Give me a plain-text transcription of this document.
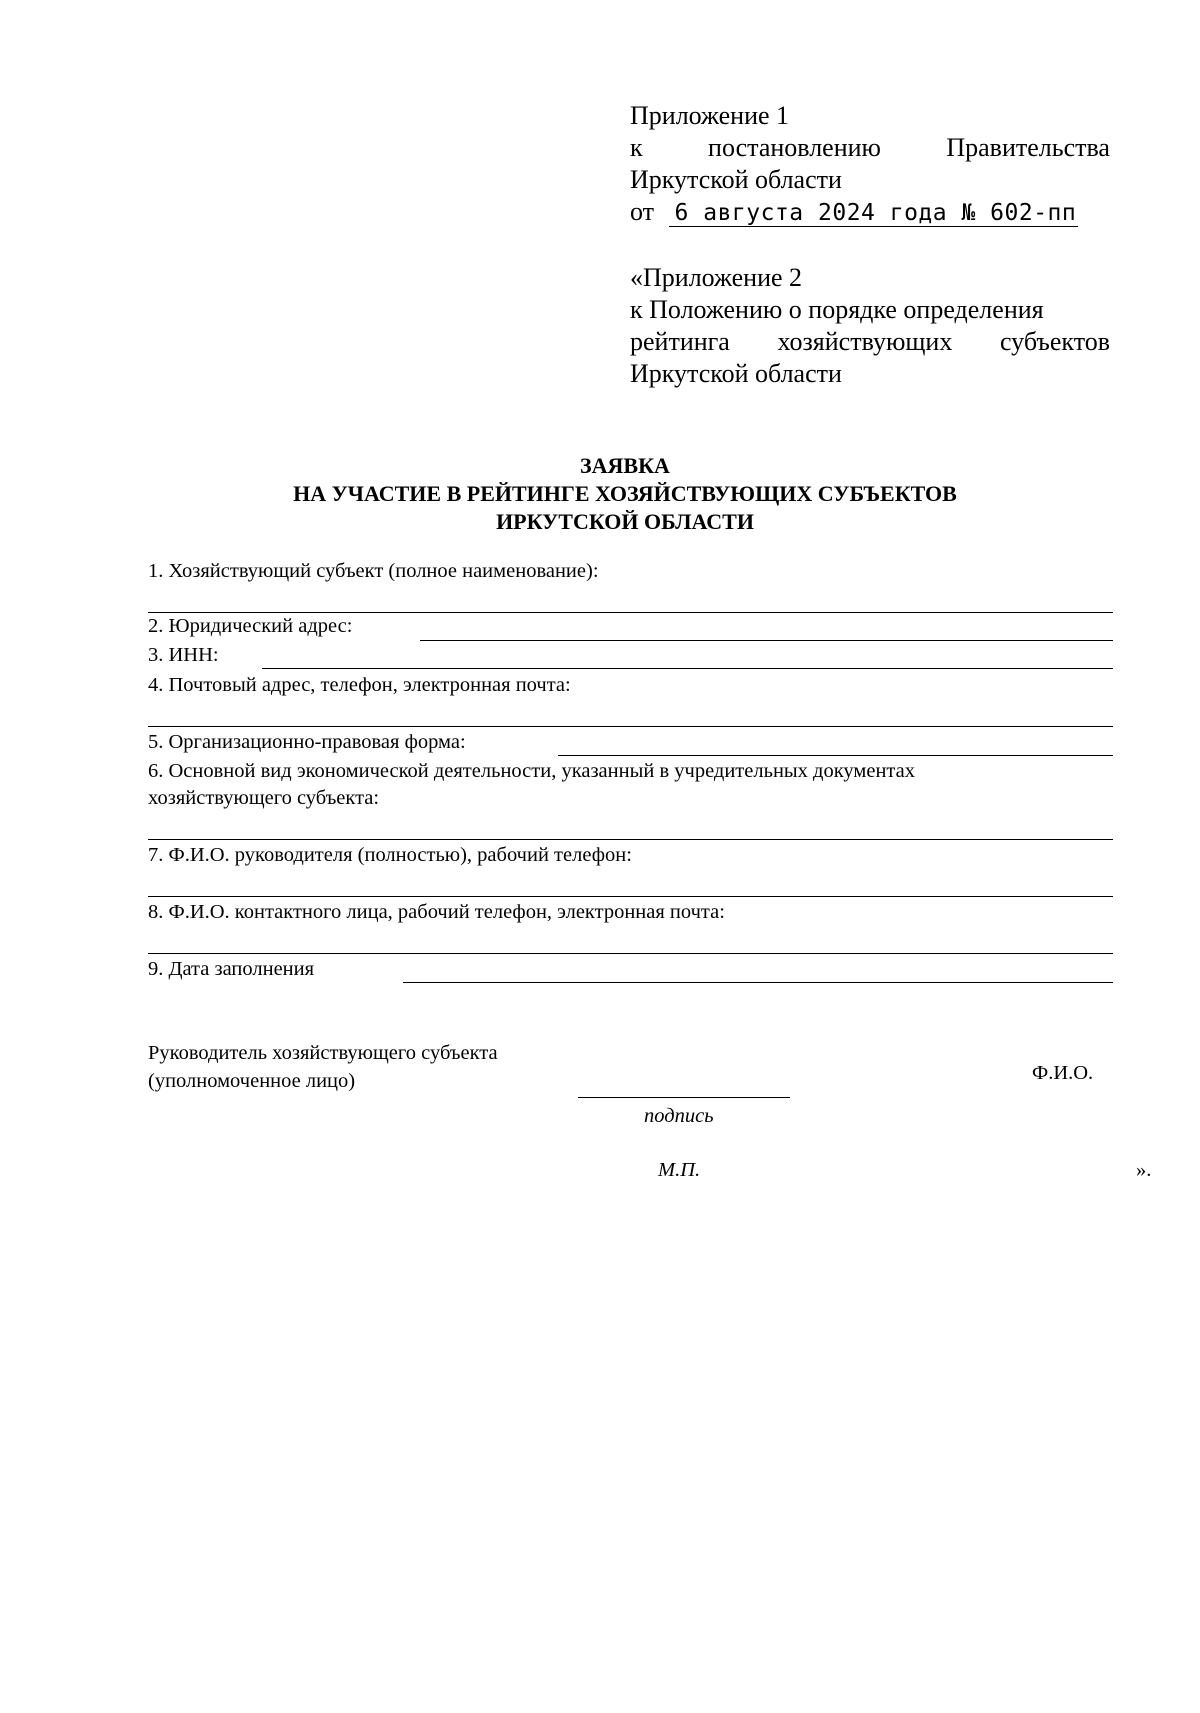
Приложение 1
к	постановлению	Правительства
Иркутской области
от 6 августа 2024 года № 602-пп
«Приложение 2
к Положению о порядке определения
рейтинга хозяйствующих субъектов
Иркутской области
ЗАЯВКА
НА УЧАСТИЕ В РЕЙТИНГЕ ХОЗЯЙСТВУЮЩИХ СУБЪЕКТОВ
ИРКУТСКОЙ ОБЛАСТИ
1. Хозяйствующий субъект (полное наименование):
2. Юридический адрес:
3. ИНН:
4. Почтовый адрес, телефон, электронная почта:
5. Организационно-правовая форма:
6. Основной вид экономической деятельности, указанный в учредительных документах
хозяйствующего субъекта:
7. Ф.И.О. руководителя (полностью), рабочий телефон:
8. Ф.И.О. контактного лица, рабочий телефон, электронная почта:
9. Дата заполнения
Руководитель хозяйствующего субъекта
(уполномоченное лицо)	Ф.И.О.
подпись
М.П.	».
